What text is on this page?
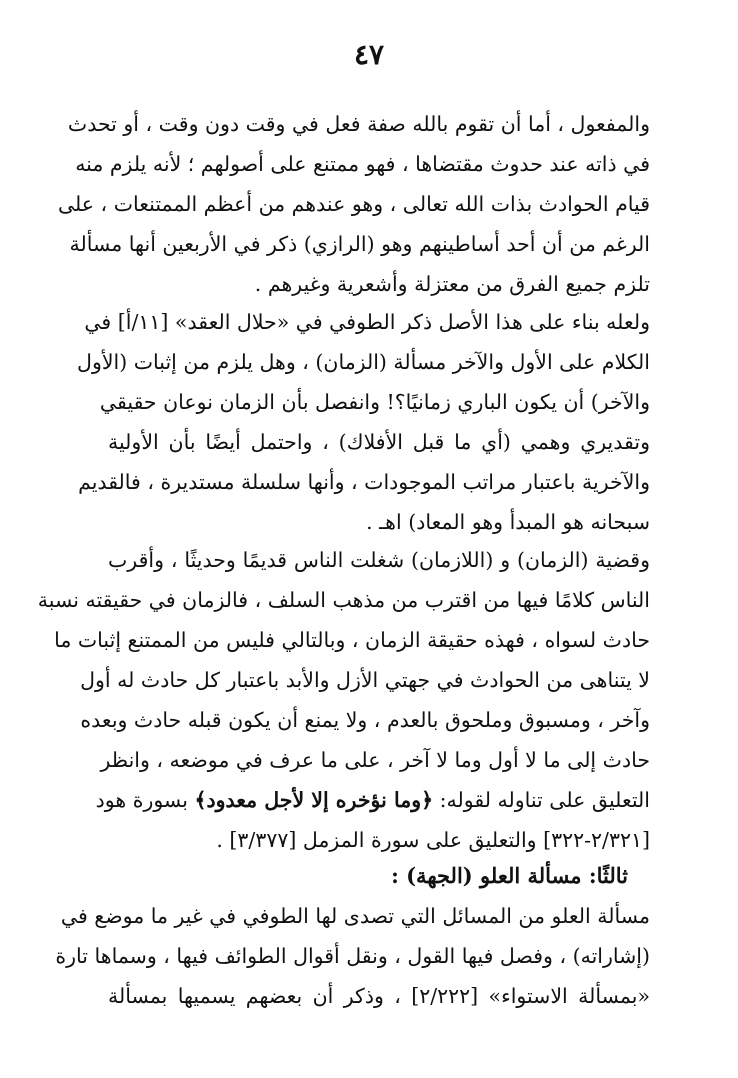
٤٧
والمفعول ، أما أن تقوم بالله صفة فعل في وقت دون وقت ، أو تحدث
في ذاته عند حدوث مقتضاها ، فهو ممتنع على أصولهم ؛ لأنه يلزم منه
قيام الحوادث بذات الله تعالى ، وهو عندهم من أعظم الممتنعات ، على
الرغم من أن أحد أساطينهم وهو (الرازي) ذكر في الأربعين أنها مسألة
تلزم جميع الفرق من معتزلة وأشعرية وغيرهم .
ولعله بناء على هذا الأصل ذكر الطوفي في «حلال العقد» [١١/أ] في
الكلام على الأول والآخر مسألة (الزمان) ، وهل يلزم من إثبات (الأول
والآخر) أن يكون الباري زمانيًا؟! وانفصل بأن الزمان نوعان حقيقي
وتقديري وهمي (أي ما قبل الأفلاك) ، واحتمل أيضًا بأن الأولية
والآخرية باعتبار مراتب الموجودات ، وأنها سلسلة مستديرة ، فالقديم
سبحانه هو المبدأ وهو المعاد) اهـ .
وقضية (الزمان) و (اللازمان) شغلت الناس قديمًا وحديثًا ، وأقرب
الناس كلامًا فيها من اقترب من مذهب السلف ، فالزمان في حقيقته نسبة
حادث لسواه ، فهذه حقيقة الزمان ، وبالتالي فليس من الممتنع إثبات ما
لا يتناهى من الحوادث في جهتي الأزل والأبد باعتبار كل حادث له أول
وآخر ، ومسبوق وملحوق بالعدم ، ولا يمنع أن يكون قبله حادث وبعده
حادث إلى ما لا أول وما لا آخر ، على ما عرف في موضعه ، وانظر
التعليق على تناوله لقوله: ﴿وما نؤخره إلا لأجل معدود﴾ بسورة هود
[٢/٣٢١-٣٢٢] والتعليق على سورة المزمل [٣/٣٧٧] .
ثالثًا: مسألة العلو (الجهة) :
مسألة العلو من المسائل التي تصدى لها الطوفي في غير ما موضع في
(إشاراته) ، وفصل فيها القول ، ونقل أقوال الطوائف فيها ، وسماها تارة
«بمسألة الاستواء» [٢/٢٢٢] ، وذكر أن بعضهم يسميها بمسألة
